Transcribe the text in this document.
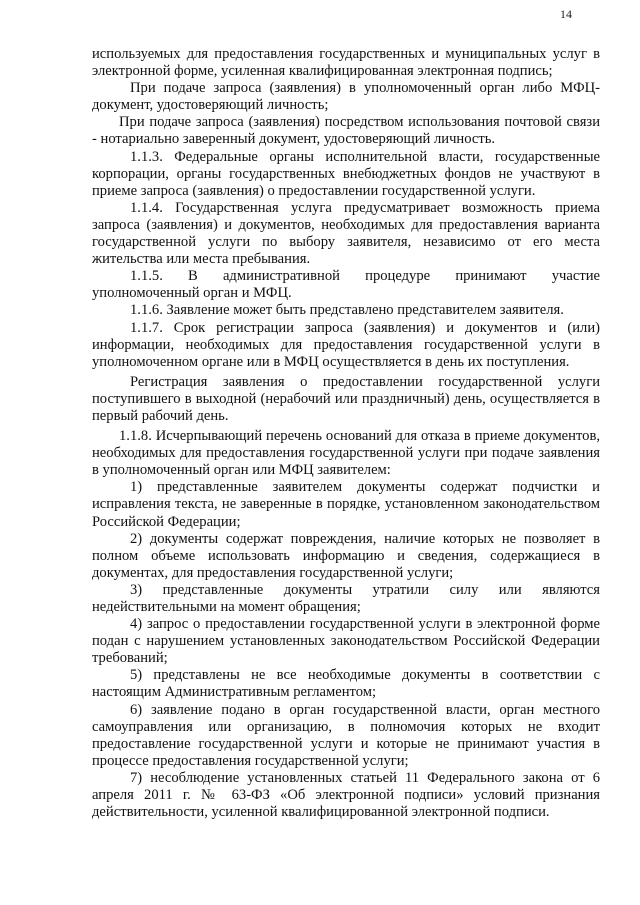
14

используемых для предоставления государственных и муниципальных услуг в электронной форме, усиленная квалифицированная электронная подпись;

При подаче запроса (заявления) в уполномоченный орган либо МФЦ-документ, удостоверяющий личность;

При подаче запроса (заявления) посредством использования почтовой связи - нотариально заверенный документ, удостоверяющий личность.

1.1.3. Федеральные органы исполнительной власти, государственные корпорации, органы государственных внебюджетных фондов не участвуют в приеме запроса (заявления) о предоставлении государственной услуги.

1.1.4. Государственная услуга предусматривает возможность приема запроса (заявления) и документов, необходимых для предоставления варианта государственной услуги по выбору заявителя, независимо от его места жительства или места пребывания.

1.1.5. В административной процедуре принимают участие уполномоченный орган и МФЦ.

1.1.6. Заявление может быть представлено представителем заявителя.

1.1.7. Срок регистрации запроса (заявления) и документов и (или) информации, необходимых для предоставления государственной услуги в уполномоченном органе или в МФЦ осуществляется в день их поступления.

Регистрация заявления о предоставлении государственной услуги поступившего в выходной (нерабочий или праздничный) день, осуществляется в первый рабочий день.

1.1.8. Исчерпывающий перечень оснований для отказа в приеме документов, необходимых для предоставления государственной услуги при подаче заявления в уполномоченный орган или МФЦ заявителем:

1) представленные заявителем документы содержат подчистки и исправления текста, не заверенные в порядке, установленном законодательством Российской Федерации;

2) документы содержат повреждения, наличие которых не позволяет в полном объеме использовать информацию и сведения, содержащиеся в документах, для предоставления государственной услуги;

3) представленные документы утратили силу или являются недействительными на момент обращения;

4) запрос о предоставлении государственной услуги в электронной форме подан с нарушением установленных законодательством Российской Федерации требований;

5) представлены не все необходимые документы в соответствии с настоящим Административным регламентом;

6) заявление подано в орган государственной власти, орган местного самоуправления или организацию, в полномочия которых не входит предоставление государственной услуги и которые не принимают участия в процессе предоставления государственной услуги;

7) несоблюдение установленных статьей 11 Федерального закона от 6 апреля 2011 г. № 63-ФЗ «Об электронной подписи» условий признания действительности, усиленной квалифицированной электронной подписи.
